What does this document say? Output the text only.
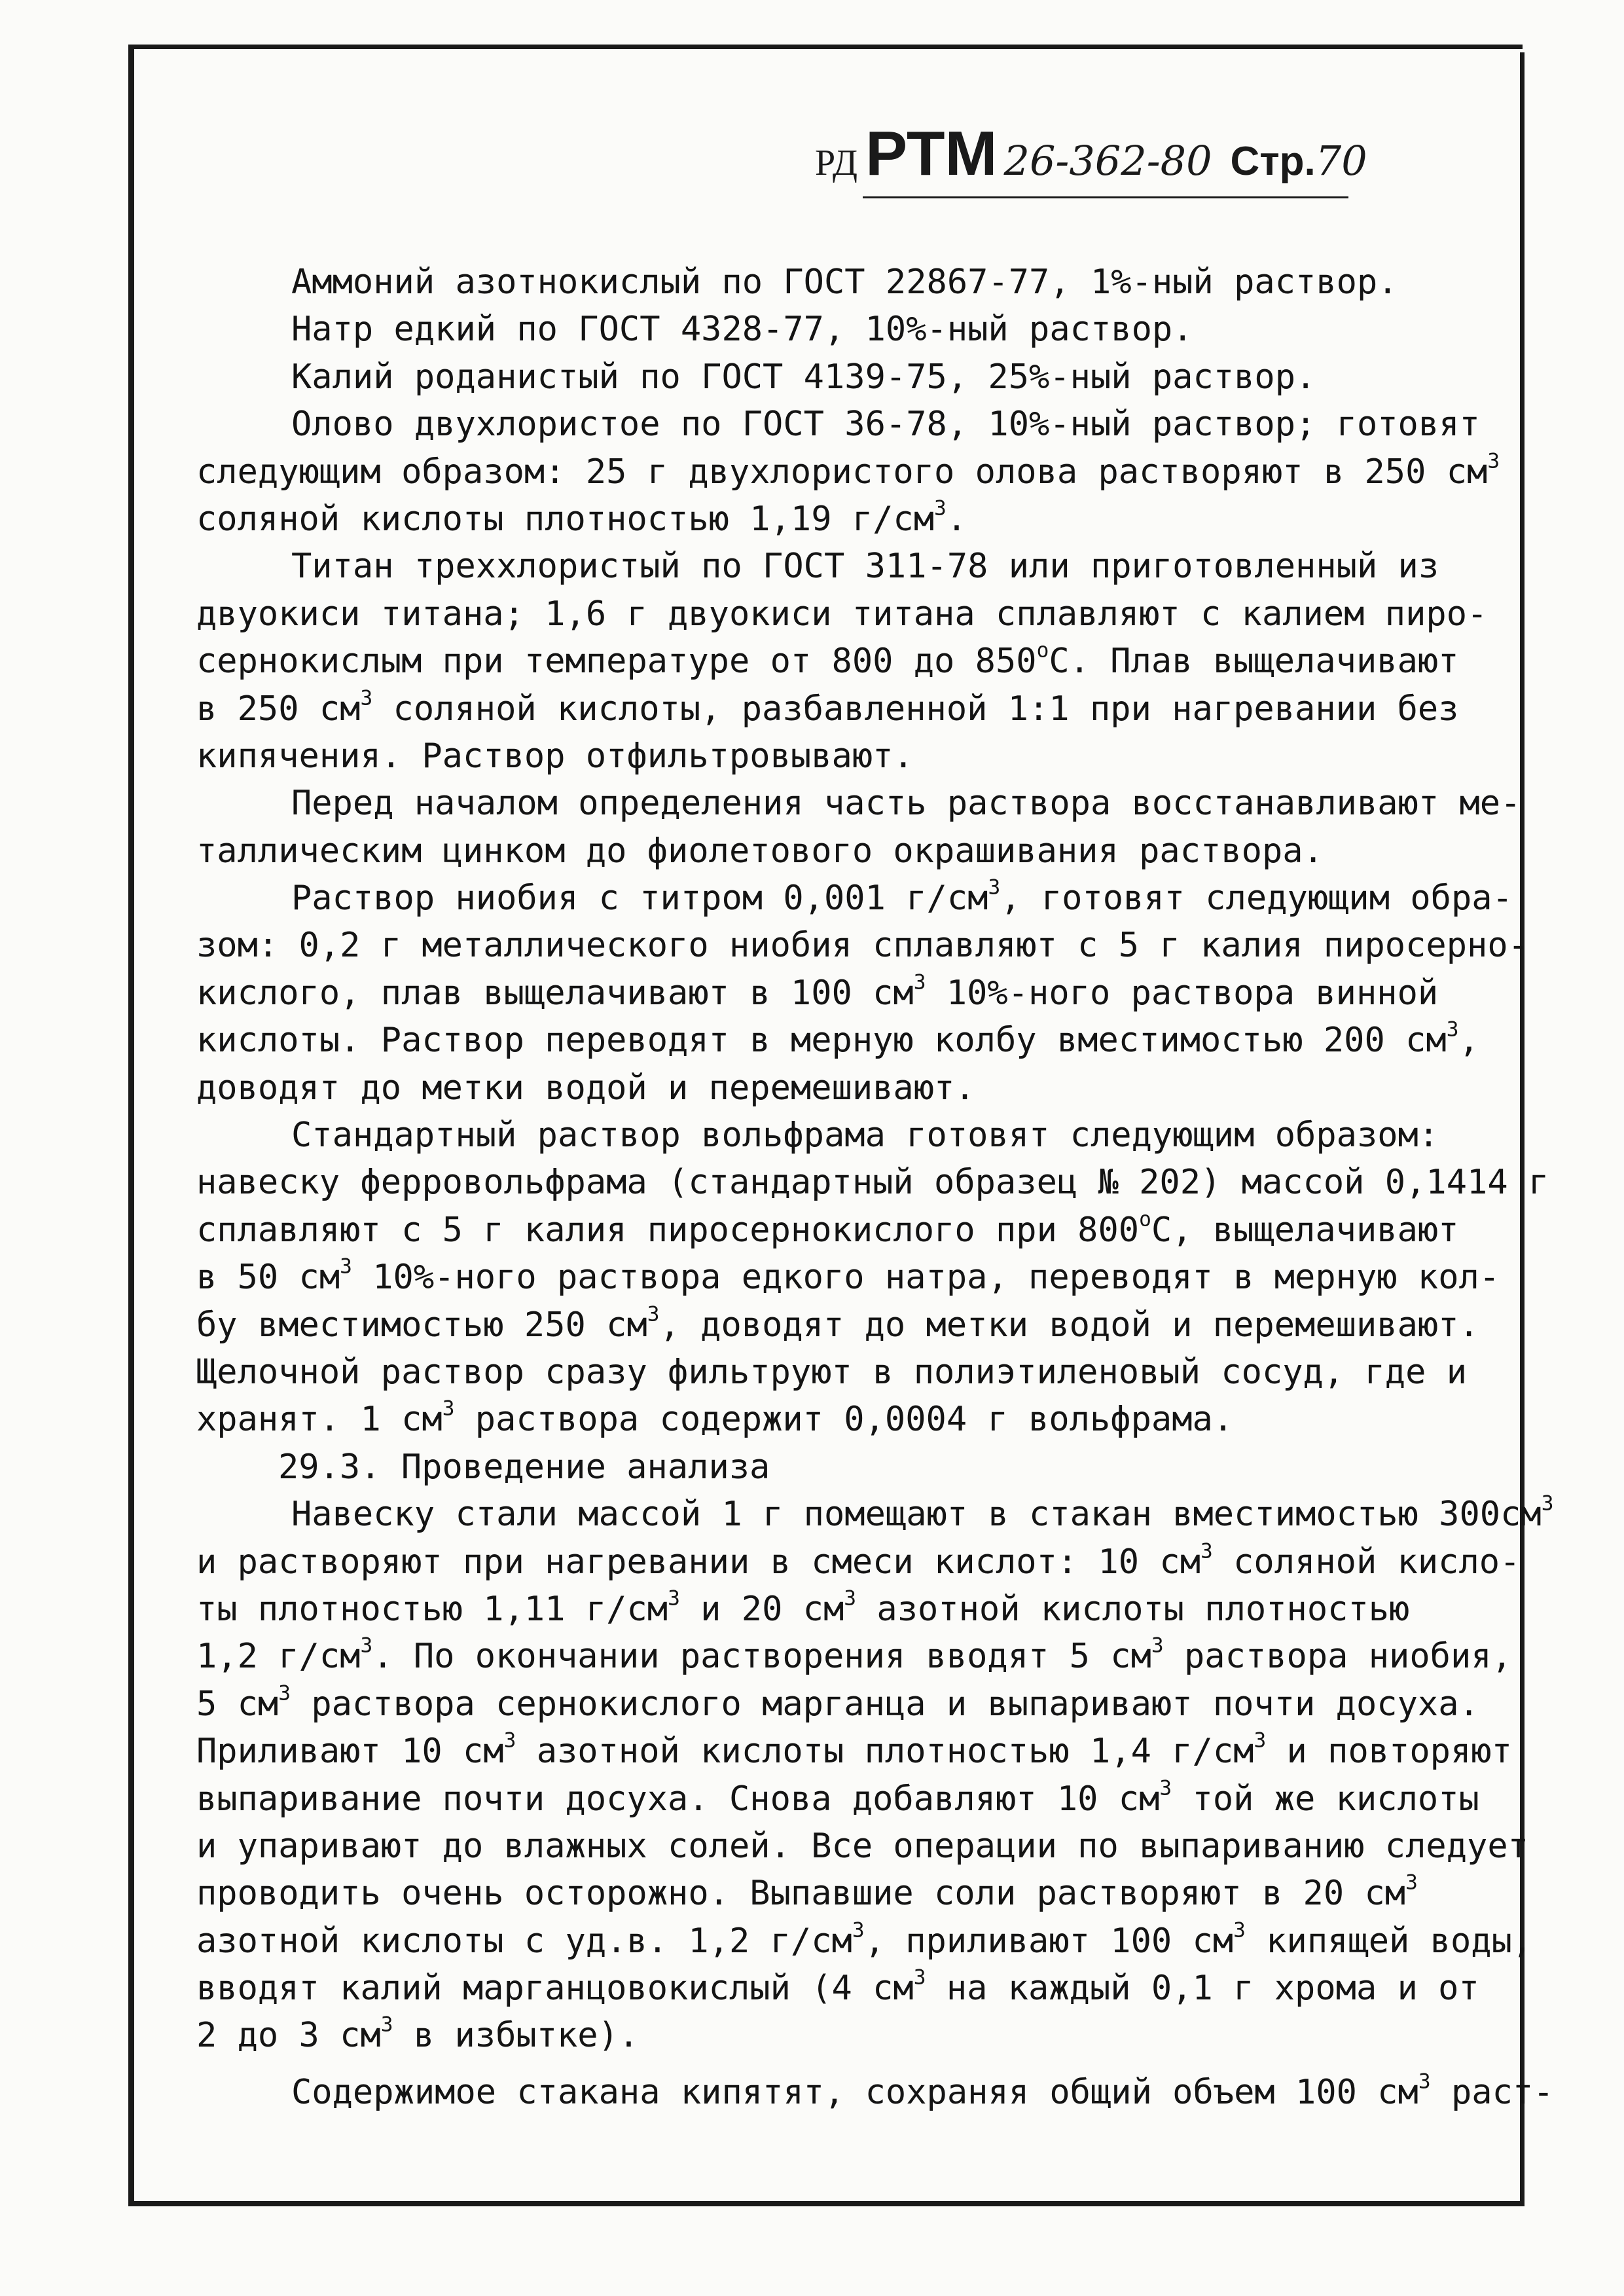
РД РТМ 26-362-80 Стр.70
Аммоний азотнокислый по ГОСТ 22867-77, 1%-ный раствор.
Натр едкий по ГОСТ 4328-77, 10%-ный раствор.
Калий роданистый по ГОСТ 4139-75, 25%-ный раствор.
Олово двухлористое по ГОСТ 36-78, 10%-ный раствор; готовят
следующим образом: 25 г двухлористого олова растворяют в 250 $см^3$
соляной кислоты плотностью 1,19 $г/см^3$.
Титан треххлористый по ГОСТ 311-78 или приготовленный из
двуокиси титана; 1,6 г двуокиси титана сплавляют с калием пиро-
сернокислым при температуре от 800 до $850^оC$. Плав выщелачивают
в 250 $см^3$ соляной кислоты, разбавленной 1:1 при нагревании без
кипячения. Раствор отфильтровывают.
Перед началом определения часть раствора восстанавливают ме-
таллическим цинком до фиолетового окрашивания раствора.
Раствор ниобия с титром 0,001 $г/см^3$, готовят следующим обра-
зом: 0,2 г металлического ниобия сплавляют с 5 г калия пиросерно-
кислого, плав выщелачивают в 100 $см^3$ 10%-ного раствора винной
кислоты. Раствор переводят в мерную колбу вместимостью 200 $см^3$,
доводят до метки водой и перемешивают.
Стандартный раствор вольфрама готовят следующим образом:
навеску ферровольфрама (стандартный образец № 202) массой 0,1414 г
сплавляют с 5 г калия пиросернокислого при $800^оC$, выщелачивают
в 50 $см^3$ 10%-ного раствора едкого натра, переводят в мерную кол-
бу вместимостью 250 $см^3$, доводят до метки водой и перемешивают.
Щелочной раствор сразу фильтруют в полиэтиленовый сосуд, где и
хранят. 1 $см^3$ раствора содержит 0,0004 г вольфрама.
29.3. Проведение анализа
Навеску стали массой 1 г помещают в стакан вместимостью $300см^3$
и растворяют при нагревании в смеси кислот: 10 $см^3$ соляной кисло-
ты плотностью 1,11 $г/см^3$ и 20 $см^3$ азотной кислоты плотностью
1,2 $г/см^3$. По окончании растворения вводят 5 $см^3$ раствора ниобия,
5 $см^3$ раствора сернокислого марганца и выпаривают почти досуха.
Приливают 10 $см^3$ азотной кислоты плотностью 1,4 $г/см^3$ и повторяют
выпаривание почти досуха. Снова добавляют 10 $см^3$ той же кислоты
и упаривают до влажных солей. Все операции по выпариванию следует
проводить очень осторожно. Выпавшие соли растворяют в 20 $см^3$
азотной кислоты с уд.в. 1,2 $г/см^3$, приливают 100 $см^3$ кипящей воды,
вводят калий марганцовокислый (4 $см^3$ на каждый 0,1 г хрома и от
2 до 3 $см^3$ в избытке).
Содержимое стакана кипятят, сохраняя общий объем 100 $см^3$ раст-
